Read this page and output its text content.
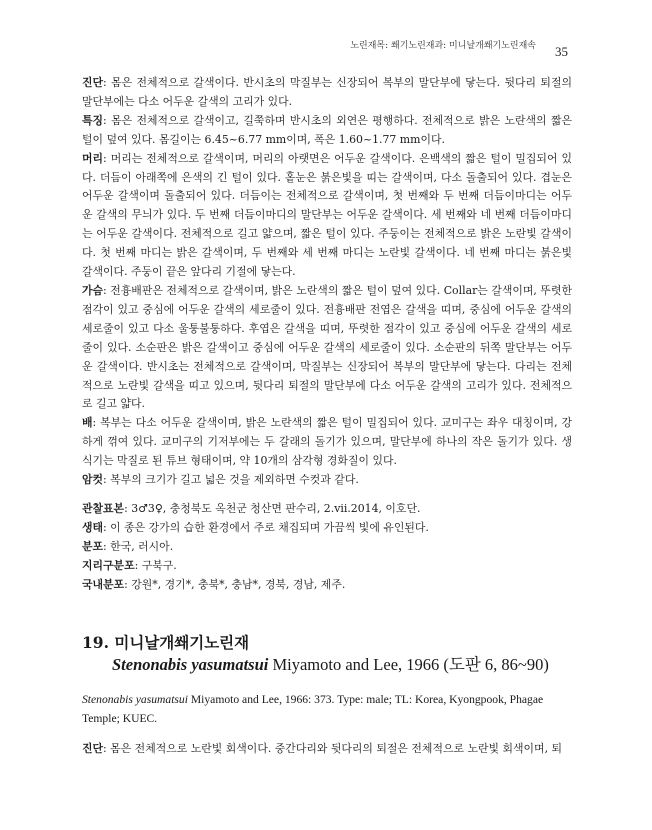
노린재목: 쐐기노린재과: 미니날개쐐기노린재속 35

진단: 몸은 전체적으로 갈색이다. 반시초의 막질부는 신장되어 복부의 말단부에 닿는다. 뒷다리 퇴절의 말단부에는 다소 어두운 갈색의 고리가 있다.

특징: 몸은 전체적으로 갈색이고, 길쭉하며 반시초의 외연은 평행하다. 전체적으로 밝은 노란색의 짧은 털이 덮여 있다. 몸길이는 6.45~6.77 mm이며, 폭은 1.60~1.77 mm이다.

머리: 머리는 전체적으로 갈색이며, 머리의 아랫면은 어두운 갈색이다. 은백색의 짧은 털이 밀집되어 있다. 더듬이 아래쪽에 은색의 긴 털이 있다. 홑눈은 붉은빛을 띠는 갈색이며, 다소 돌출되어 있다. 겹눈은 어두운 갈색이며 돌출되어 있다. 더듬이는 전체적으로 갈색이며, 첫 번째와 두 번째 더듬이마디는 어두운 갈색의 무늬가 있다. 두 번째 더듬이마디의 말단부는 어두운 갈색이다. 세 번째와 네 번째 더듬이마디는 어두운 갈색이다. 전체적으로 길고 얇으며, 짧은 털이 있다. 주둥이는 전체적으로 밝은 노란빛 갈색이다. 첫 번째 마디는 밝은 갈색이며, 두 번째와 세 번째 마디는 노란빛 갈색이다. 네 번째 마디는 붉은빛 갈색이다. 주둥이 끝은 앞다리 기절에 닿는다.

가슴: 전흉배판은 전체적으로 갈색이며, 밝은 노란색의 짧은 털이 덮여 있다. Collar는 갈색이며, 뚜렷한 점각이 있고 중심에 어두운 갈색의 세로줄이 있다. 전흉배판 전엽은 갈색을 띠며, 중심에 어두운 갈색의 세로줄이 있고 다소 울퉁불퉁하다. 후엽은 갈색을 띠며, 뚜렷한 점각이 있고 중심에 어두운 갈색의 세로줄이 있다. 소순판은 밝은 갈색이고 중심에 어두운 갈색의 세로줄이 있다. 소순판의 뒤쪽 말단부는 어두운 갈색이다. 반시초는 전체적으로 갈색이며, 막질부는 신장되어 복부의 말단부에 닿는다. 다리는 전체적으로 노란빛 갈색을 띠고 있으며, 뒷다리 퇴절의 말단부에 다소 어두운 갈색의 고리가 있다. 전체적으로 길고 얇다.

배: 복부는 다소 어두운 갈색이며, 밝은 노란색의 짧은 털이 밀집되어 있다. 교미구는 좌우 대칭이며, 강하게 꺾여 있다. 교미구의 기저부에는 두 갈래의 돌기가 있으며, 말단부에 하나의 작은 돌기가 있다. 생식기는 막질로 된 튜브 형태이며, 약 10개의 삼각형 경화질이 있다.

암컷: 복부의 크기가 길고 넓은 것을 제외하면 수컷과 같다.

관찰표본: 3♂3♀, 충청북도 옥천군 청산면 판수리, 2.vii.2014, 이호단.

생태: 이 종은 강가의 습한 환경에서 주로 채집되며 가끔씩 빛에 유인된다.

분포: 한국, 러시아.

지리구분포: 구북구.

국내분포: 강원*, 경기*, 충북*, 충남*, 경북, 경남, 제주.

19. 미니날개쐐기노린재
Stenonabis yasumatsui Miyamoto and Lee, 1966 (도판 6, 86~90)
Stenonabis yasumatsui Miyamoto and Lee, 1966: 373. Type: male; TL: Korea, Kyongpook, Phagae Temple; KUEC.
진단: 몸은 전체적으로 노란빛 회색이다. 중간다리와 뒷다리의 퇴절은 전체적으로 노란빛 회색이며, 퇴
